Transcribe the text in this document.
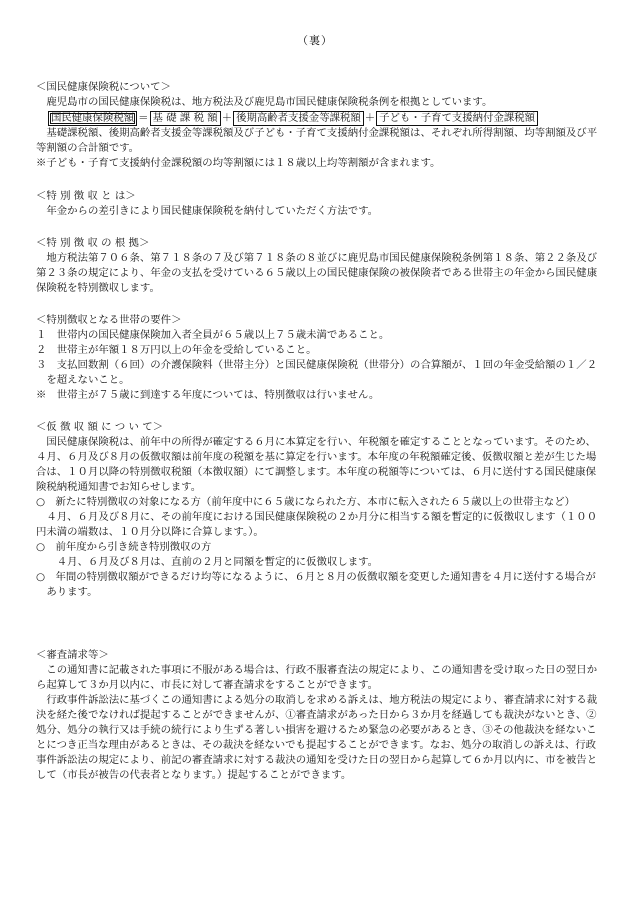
（裏）
＜国民健康保険税について＞

鹿児島市の国民健康保険税は、地方税法及び鹿児島市国民健康保険税条例を根拠としています。

国民健康保険税額 ＝ 基 礎 課 税 額 ＋ 後期高齢者支援金等課税額 ＋ 子ども・子育て支援納付金課税額

基礎課税額、後期高齢者支援金等課税額及び子ども・子育て支援納付金課税額は、それぞれ所得割額、均等割額及び平等割額の合計額です。

※子ども・子育て支援納付金課税額の均等割額には１８歳以上均等割額が含まれます。

＜特 別 徴 収 と は＞

年金からの差引きにより国民健康保険税を納付していただく方法です。

＜特 別 徴 収 の 根 拠＞

地方税法第７０６条、第７１８条の７及び第７１８条の８並びに鹿児島市国民健康保険税条例第１８条、第２２条及び第２３条の規定により、年金の支払を受けている６５歳以上の国民健康保険の被保険者である世帯主の年金から国民健康保険税を特別徴収します。

＜特別徴収となる世帯の要件＞

１　世帯内の国民健康保険加入者全員が６５歳以上７５歳未満であること。

２　世帯主が年額１８万円以上の年金を受給していること。

３　支払回数割（６回）の介護保険料（世帯主分）と国民健康保険税（世帯分）の合算額が、１回の年金受給額の１／２を超えないこと。

※　世帯主が７５歳に到達する年度については、特別徴収は行いません。

＜仮 徴 収 額 に つ い て＞

国民健康保険税は、前年中の所得が確定する６月に本算定を行い、年税額を確定することとなっています。そのため、４月、６月及び８月の仮徴収額は前年度の税額を基に算定を行います。本年度の年税額確定後、仮徴収額と差が生じた場合は、１０月以降の特別徴収税額（本徴収額）にて調整します。本年度の税額等については、６月に送付する国民健康保険税納税通知書でお知らせします。

○　新たに特別徴収の対象になる方（前年度中に６５歳になられた方、本市に転入された６５歳以上の世帯主など）

４月、６月及び８月に、その前年度における国民健康保険税の２か月分に相当する額を暫定的に仮徴収します（１００円未満の端数は、１０月分以降に合算します。）。

○　前年度から引き続き特別徴収の方

４月、６月及び８月は、直前の２月と同額を暫定的に仮徴収します。

○　年間の特別徴収額ができるだけ均等になるように、６月と８月の仮徴収額を変更した通知書を４月に送付する場合があります。

＜審査請求等＞

この通知書に記載された事項に不服がある場合は、行政不服審査法の規定により、この通知書を受け取った日の翌日から起算して３か月以内に、市長に対して審査請求をすることができます。

行政事件訴訟法に基づくこの通知書による処分の取消しを求める訴えは、地方税法の規定により、審査請求に対する裁決を経た後でなければ提起することができませんが、①審査請求があった日から３か月を経過しても裁決がないとき、②処分、処分の執行又は手続の続行により生ずる著しい損害を避けるため緊急の必要があるとき、③その他裁決を経ないことにつき正当な理由があるときは、その裁決を経ないでも提起することができます。なお、処分の取消しの訴えは、行政事件訴訟法の規定により、前記の審査請求に対する裁決の通知を受けた日の翌日から起算して６か月以内に、市を被告として（市長が被告の代表者となります。）提起することができます。
